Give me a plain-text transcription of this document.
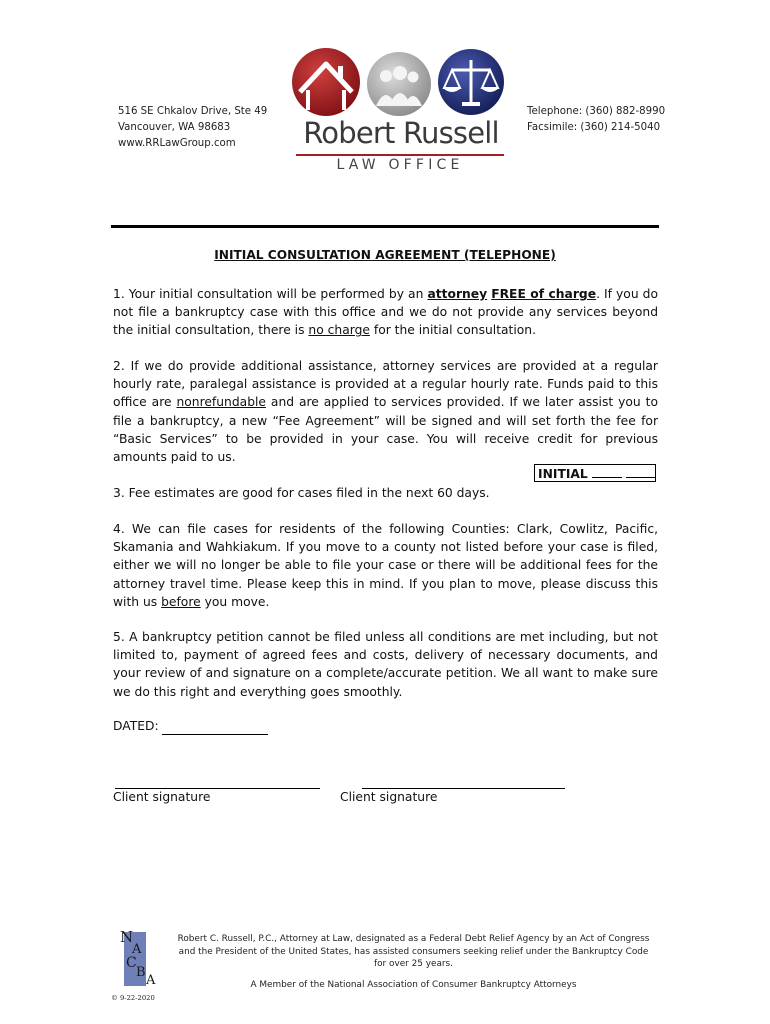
516 SE Chkalov Drive, Ste 49
Vancouver, WA 98683
www.RRLawGroup.com	Robert Russell
LAW OFFICE
Telephone: (360) 882-8990
Facsimile: (360) 214-5040
INITIAL CONSULTATION AGREEMENT (TELEPHONE)
1. Your initial consultation will be performed by an attorney FREE of charge. If you do not file a bankruptcy case with this office and we do not provide any services beyond the initial consultation, there is no charge for the initial consultation.
2. If we do provide additional assistance, attorney services are provided at a regular hourly rate, paralegal assistance is provided at a regular hourly rate. Funds paid to this office are nonrefundable and are applied to services provided. If we later assist you to file a bankruptcy, a new “Fee Agreement” will be signed and will set forth the fee for “Basic Services” to be provided in your case. You will receive credit for previous amounts paid to us.
INITIAL
3. Fee estimates are good for cases filed in the next 60 days.
4. We can file cases for residents of the following Counties: Clark, Cowlitz, Pacific, Skamania and Wahkiakum. If you move to a county not listed before your case is filed, either we will no longer be able to file your case or there will be additional fees for the attorney travel time. Please keep this in mind. If you plan to move, please discuss this with us before you move.
5. A bankruptcy petition cannot be filed unless all conditions are met including, but not limited to, payment of agreed fees and costs, delivery of necessary documents, and your review of and signature on a complete/accurate petition. We all want to make sure we do this right and everything goes smoothly.
DATED:
Client signature	Client signature
N
A
C
B
A
Robert C. Russell, P.C., Attorney at Law, designated as a Federal Debt Relief Agency by an Act of Congress and the President of the United States, has assisted consumers seeking relief under the Bankruptcy Code for over 25 years.
A Member of the National Association of Consumer Bankruptcy Attorneys
© 9-22-2020
